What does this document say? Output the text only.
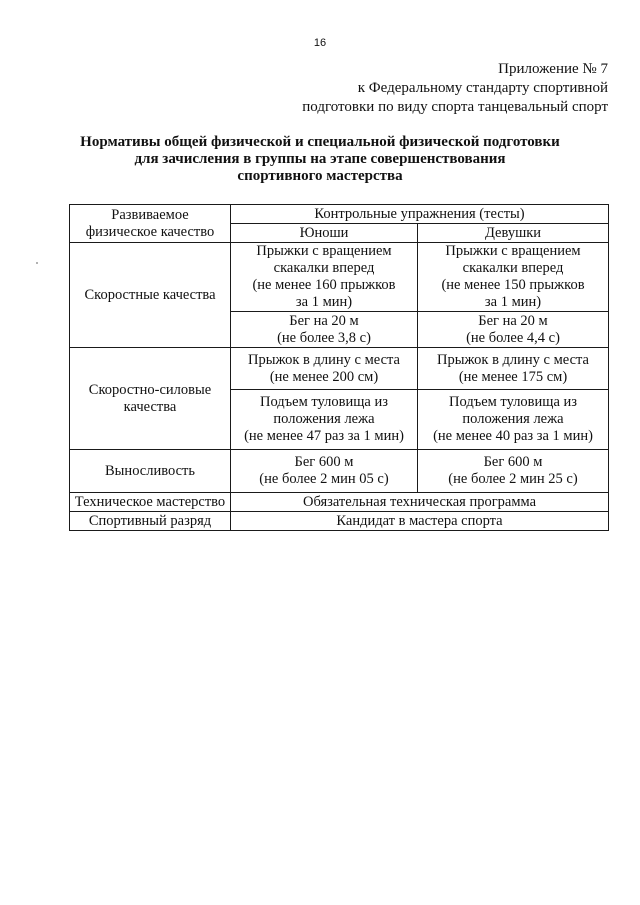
16
Приложение № 7
к Федеральному стандарту спортивной
подготовки по виду спорта танцевальный спорт
Нормативы общей физической и специальной физической подготовки
для зачисления в группы на этапе совершенствования
спортивного мастерства
Развиваемое
физическое качество	Контрольные упражнения (тесты)	
	Юноши	Девушки
Скоростные качества	Прыжки с вращением
скакалки вперед
(не менее 160 прыжков
за 1 мин)	Прыжки с вращением
скакалки вперед
(не менее 150 прыжков
за 1 мин)

	Бег на 20 м
(не более 3,8 с)	Бег на 20 м
(не более 4,4 с)

Скоростно-силовые
качества	Прыжок в длину с места
(не менее 200 см)	Прыжок в длину с места
(не менее 175 см)

	Подъем туловища из
положения лежа
(не менее 47 раз за 1 мин)	Подъем туловища из
положения лежа
(не менее 40 раз за 1 мин)

Выносливость	Бег 600 м
(не более 2 мин 05 с)	Бег 600 м
(не более 2 мин 25 с)

Техническое мастерство	Обязательная техническая программа	
Спортивный разряд	Кандидат в мастера спорта	
